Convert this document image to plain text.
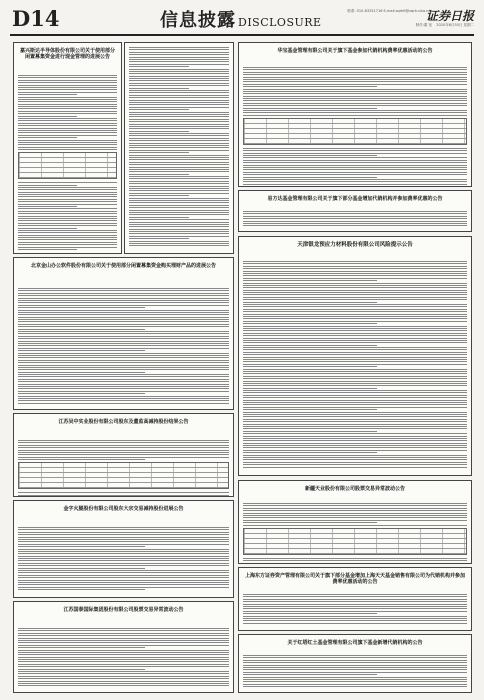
D14	信息披露 DISCLOSURE
联系: 010-83251716 E-mail:zqrb9@zqrb.sina.net
制作:董 宽
证券日报
2020年6月30日 星期二
嘉兴斯达半导体股份有限公司关于使用部分闲置募集资金进行现金管理的进展公告
北京金山办公软件股份有限公司关于使用部分闲置募集资金购买理财产品的进展公告
江苏吴中实业股份有限公司股东及董监高减持股份结果公告
金字火腿股份有限公司股东大宗交易减持股份进展公告
江苏国泰国际集团股份有限公司股票交易异常波动公告
华宝基金管理有限公司关于旗下基金参加代销机构费率优惠活动的公告
易方达基金管理有限公司关于旗下部分基金增加代销机构并参加费率优惠的公告
天津银龙预应力材料股份有限公司风险提示公告
新疆天业股份有限公司股票交易异常波动公告
上海东方证券资产管理有限公司关于旗下部分基金增加上海天天基金销售有限公司为代销机构并参加费率优惠活动的公告
关于红塔红土基金管理有限公司旗下基金新增代销机构的公告
